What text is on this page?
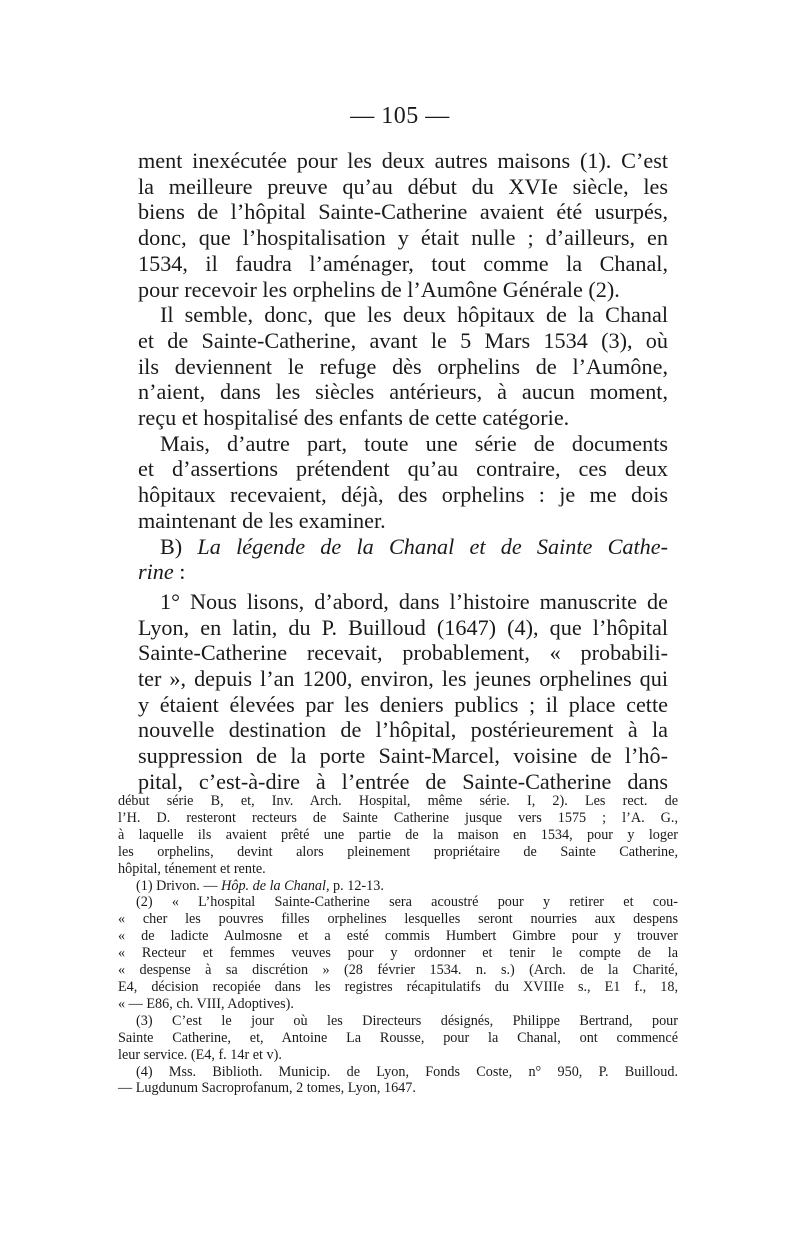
— 105 —
ment inexécutée pour les deux autres maisons (1). C’est
la meilleure preuve qu’au début du XVIe siècle, les
biens de l’hôpital Sainte-Catherine avaient été usurpés,
donc, que l’hospitalisation y était nulle ; d’ailleurs, en
1534, il faudra l’aménager, tout comme la Chanal,
pour recevoir les orphelins de l’Aumône Générale (2).
Il semble, donc, que les deux hôpitaux de la Chanal
et de Sainte-Catherine, avant le 5 Mars 1534 (3), où
ils deviennent le refuge dès orphelins de l’Aumône,
n’aient, dans les siècles antérieurs, à aucun moment,
reçu et hospitalisé des enfants de cette catégorie.
Mais, d’autre part, toute une série de documents
et d’assertions prétendent qu’au contraire, ces deux
hôpitaux recevaient, déjà, des orphelins : je me dois
maintenant de les examiner.
B) La légende de la Chanal et de Sainte Cathe-
rine :
1° Nous lisons, d’abord, dans l’histoire manuscrite de
Lyon, en latin, du P. Builloud (1647) (4), que l’hôpital
Sainte-Catherine recevait, probablement, « probabili-
ter », depuis l’an 1200, environ, les jeunes orphelines qui
y étaient élevées par les deniers publics ; il place cette
nouvelle destination de l’hôpital, postérieurement à la
suppression de la porte Saint-Marcel, voisine de l’hô-
pital, c’est-à-dire à l’entrée de Sainte-Catherine dans
début série B, et, Inv. Arch. Hospital, même série. I, 2). Les rect. de
l’H. D. resteront recteurs de Sainte Catherine jusque vers 1575 ; l’A. G.,
à laquelle ils avaient prêté une partie de la maison en 1534, pour y loger
les orphelins, devint alors pleinement propriétaire de Sainte Catherine,
hôpital, ténement et rente.
(1) Drivon. — Hôp. de la Chanal, p. 12-13.
(2) « L’hospital Sainte-Catherine sera acoustré pour y retirer et cou-
« cher les pouvres filles orphelines lesquelles seront nourries aux despens
« de ladicte Aulmosne et a esté commis Humbert Gimbre pour y trouver
« Recteur et femmes veuves pour y ordonner et tenir le compte de la
« despense à sa discrétion » (28 février 1534. n. s.) (Arch. de la Charité,
E4, décision recopiée dans les registres récapitulatifs du XVIIIe s., E1 f., 18,
« — E86, ch. VIII, Adoptives).
(3) C’est le jour où les Directeurs désignés, Philippe Bertrand, pour
Sainte Catherine, et, Antoine La Rousse, pour la Chanal, ont commencé
leur service. (E4, f. 14r et v).
(4) Mss. Biblioth. Municip. de Lyon, Fonds Coste, n° 950, P. Builloud.
— Lugdunum Sacroprofanum, 2 tomes, Lyon, 1647.
